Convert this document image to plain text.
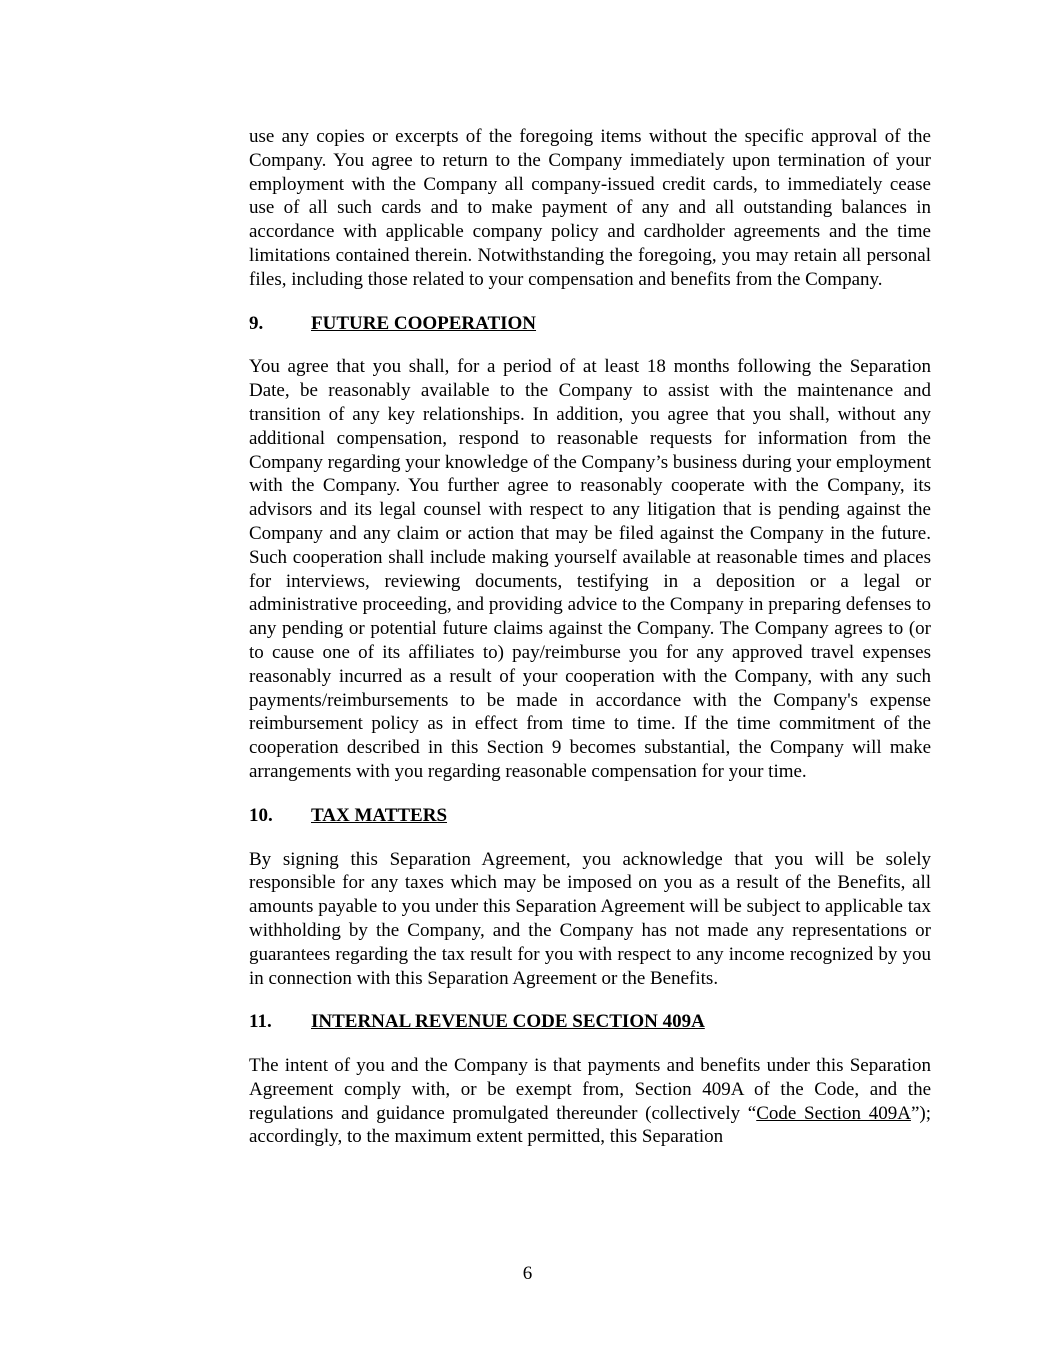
use any copies or excerpts of the foregoing items without the specific approval of the Company. You agree to return to the Company immediately upon termination of your employment with the Company all company-issued credit cards, to immediately cease use of all such cards and to make payment of any and all outstanding balances in accordance with applicable company policy and cardholder agreements and the time limitations contained therein. Notwithstanding the foregoing, you may retain all personal files, including those related to your compensation and benefits from the Company.

9.	FUTURE COOPERATION

You agree that you shall, for a period of at least 18 months following the Separation Date, be reasonably available to the Company to assist with the maintenance and transition of any key relationships. In addition, you agree that you shall, without any additional compensation, respond to reasonable requests for information from the Company regarding your knowledge of the Company’s business during your employment with the Company. You further agree to reasonably cooperate with the Company, its advisors and its legal counsel with respect to any litigation that is pending against the Company and any claim or action that may be filed against the Company in the future. Such cooperation shall include making yourself available at reasonable times and places for interviews, reviewing documents, testifying in a deposition or a legal or administrative proceeding, and providing advice to the Company in preparing defenses to any pending or potential future claims against the Company. The Company agrees to (or to cause one of its affiliates to) pay/reimburse you for any approved travel expenses reasonably incurred as a result of your cooperation with the Company, with any such payments/reimbursements to be made in accordance with the Company's expense reimbursement policy as in effect from time to time. If the time commitment of the cooperation described in this Section 9 becomes substantial, the Company will make arrangements with you regarding reasonable compensation for your time.

10.	TAX MATTERS

By signing this Separation Agreement, you acknowledge that you will be solely responsible for any taxes which may be imposed on you as a result of the Benefits, all amounts payable to you under this Separation Agreement will be subject to applicable tax withholding by the Company, and the Company has not made any representations or guarantees regarding the tax result for you with respect to any income recognized by you in connection with this Separation Agreement or the Benefits.

11.	INTERNAL REVENUE CODE SECTION 409A

The intent of you and the Company is that payments and benefits under this Separation Agreement comply with, or be exempt from, Section 409A of the Code, and the regulations and guidance promulgated thereunder (collectively “Code Section 409A”); accordingly, to the maximum extent permitted, this Separation

6
